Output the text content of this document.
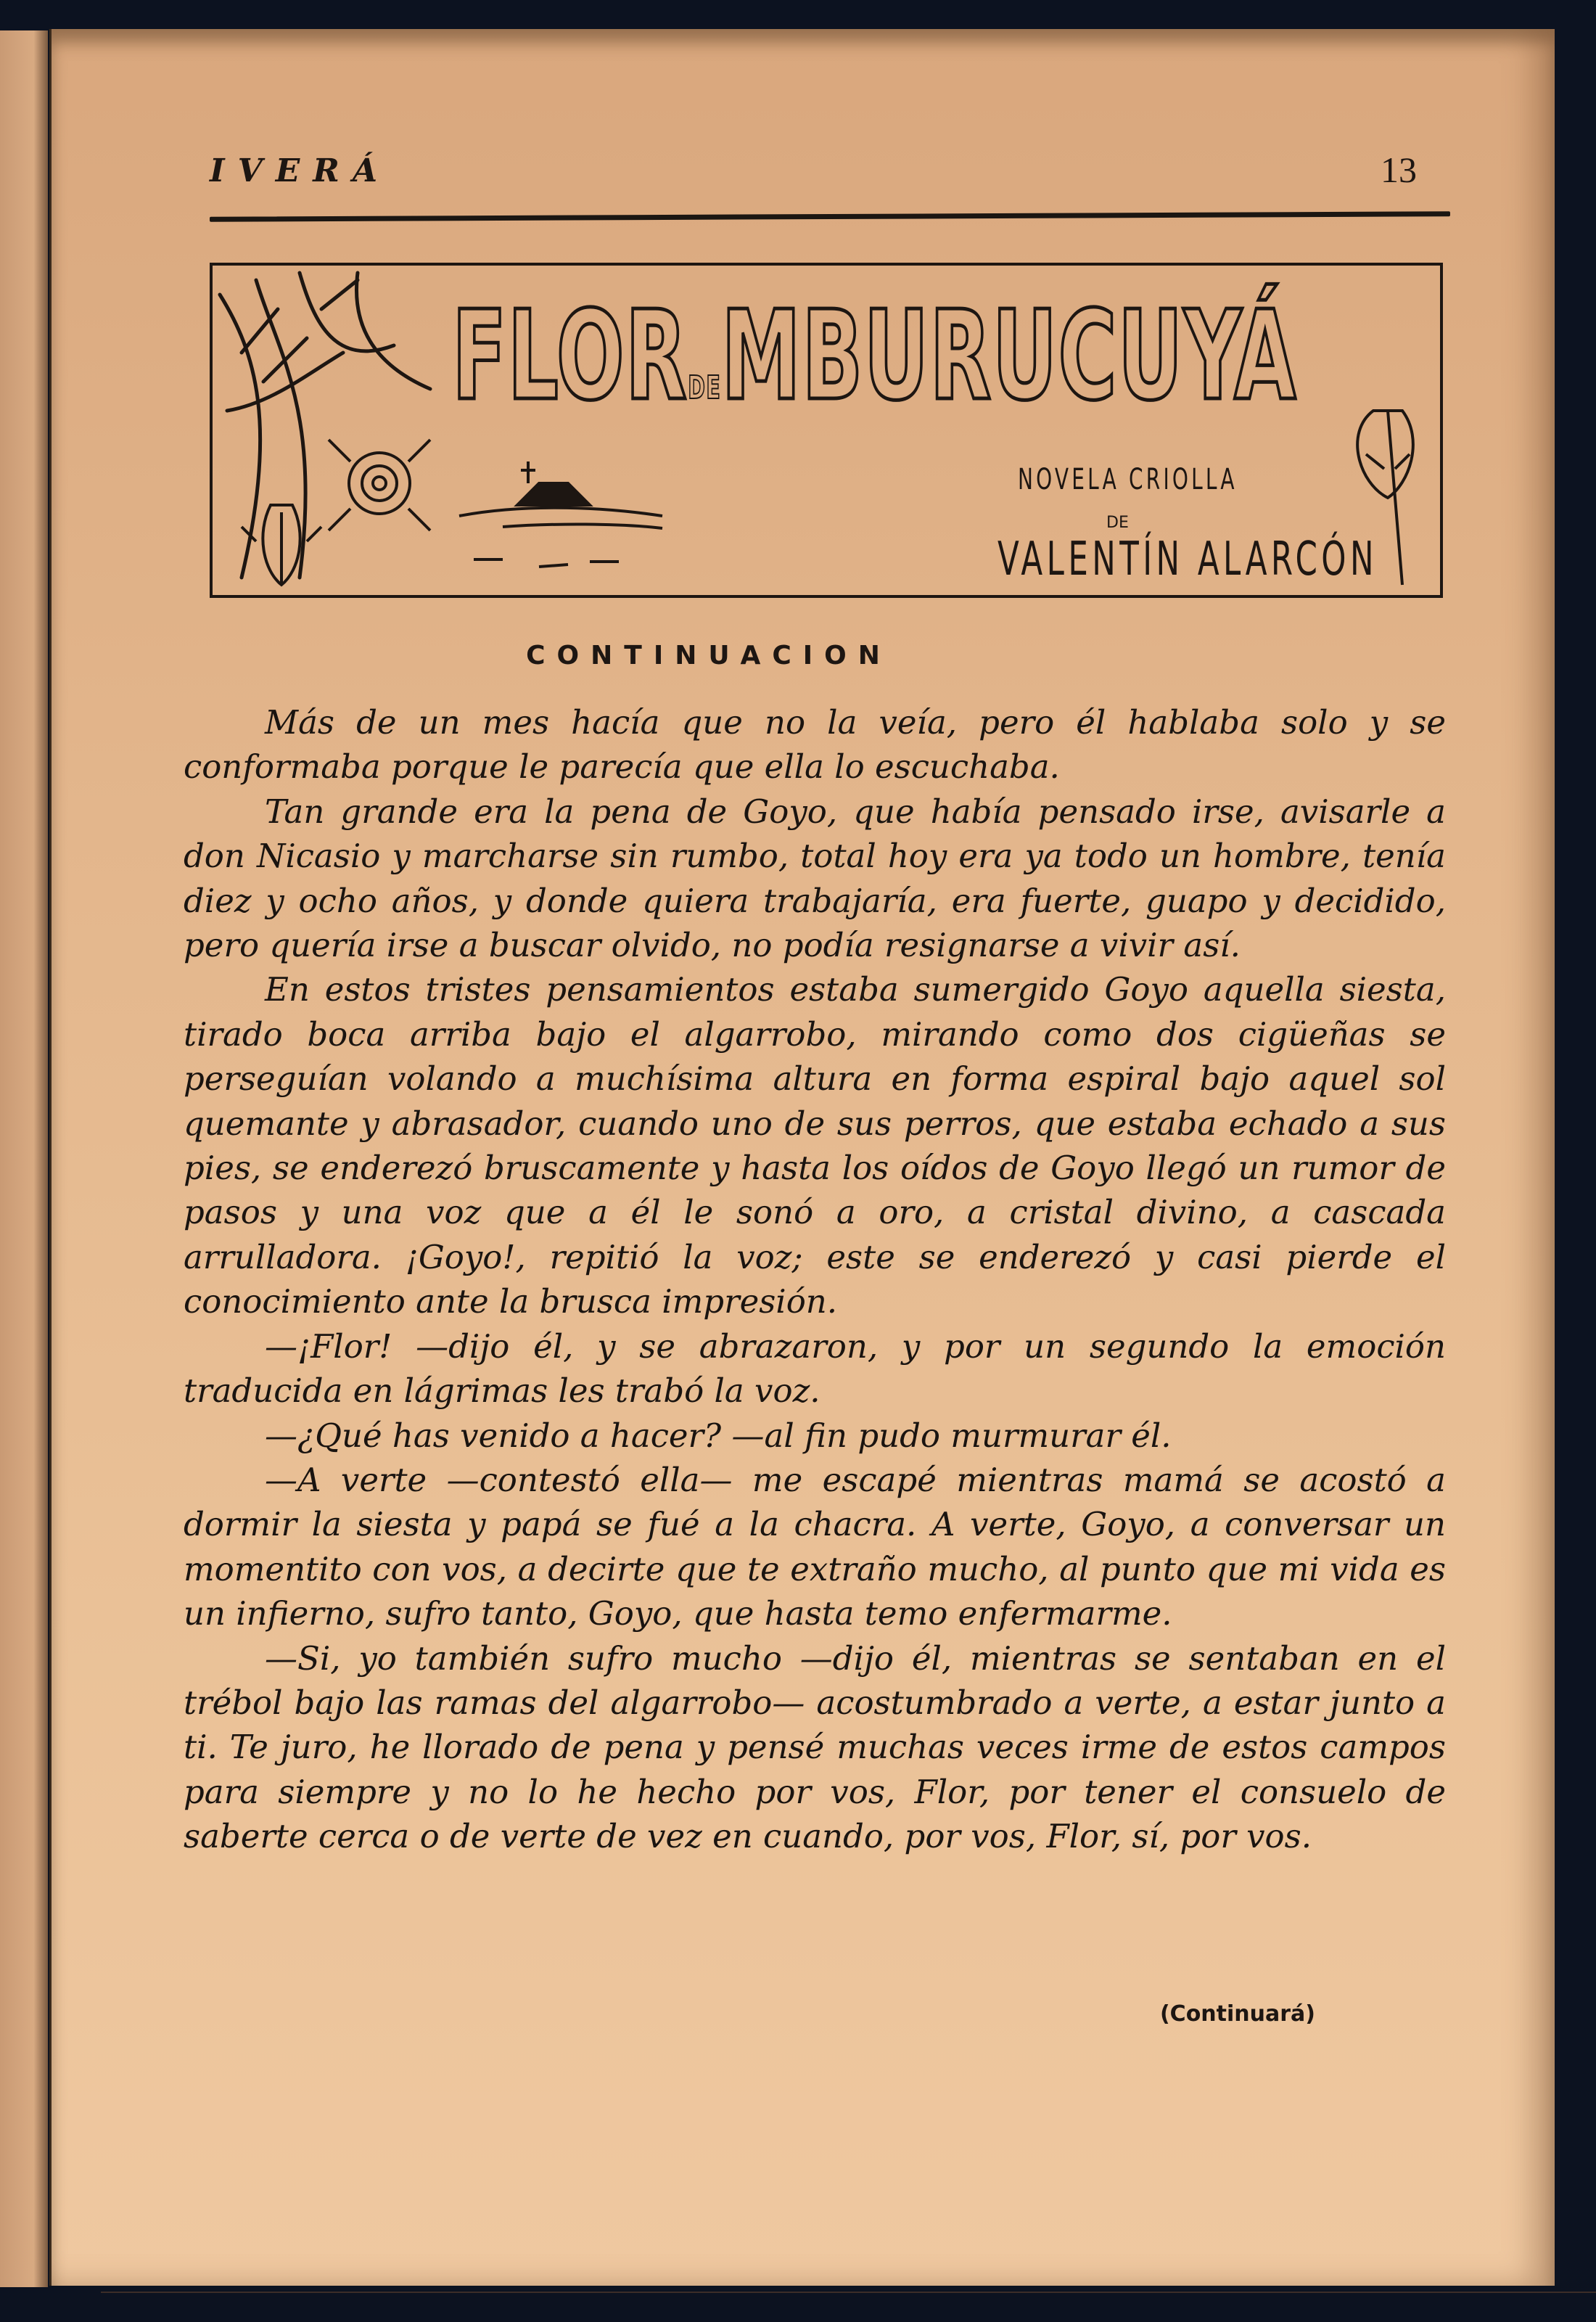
IVERÁ	13
FLORDEMBURUCUYÁ
NOVELA CRIOLLA
DE
VALENTÍN ALARCÓN
CONTINUACION

Más de un mes hacía que no la veía, pero él hablaba solo y se conformaba porque le parecía que ella lo escuchaba.

Tan grande era la pena de Goyo, que había pensado irse, avisarle a don Nicasio y marcharse sin rumbo, total hoy era ya todo un hombre, tenía diez y ocho años, y donde quiera trabajaría, era fuerte, guapo y decidido, pero quería irse a buscar olvido, no podía resignarse a vivir así.

En estos tristes pensamientos estaba sumergido Goyo aquella siesta, tirado boca arriba bajo el algarrobo, mirando como dos cigüeñas se perseguían volando a muchísima altura en forma espiral bajo aquel sol quemante y abrasador, cuando uno de sus perros, que estaba echado a sus pies, se enderezó bruscamente y hasta los oídos de Goyo llegó un rumor de pasos y una voz que a él le sonó a oro, a cristal divino, a cascada arrulladora. ¡Goyo!, repitió la voz; este se enderezó y casi pierde el conocimiento ante la brusca impresión.

—¡Flor! —dijo él, y se abrazaron, y por un segundo la emoción traducida en lágrimas les trabó la voz.

—¿Qué has venido a hacer? —al fin pudo murmurar él.

—A verte —contestó ella— me escapé mientras mamá se acostó a dormir la siesta y papá se fué a la chacra. A verte, Goyo, a conversar un momentito con vos, a decirte que te extraño mucho, al punto que mi vida es un infierno, sufro tanto, Goyo, que hasta temo enfermarme.

—Si, yo también sufro mucho —dijo él, mientras se sentaban en el trébol bajo las ramas del algarrobo— acostumbrado a verte, a estar junto a ti. Te juro, he llorado de pena y pensé muchas veces irme de estos campos para siempre y no lo he hecho por vos, Flor, por tener el consuelo de saberte cerca o de verte de vez en cuando, por vos, Flor, sí, por vos.

(Continuará)
